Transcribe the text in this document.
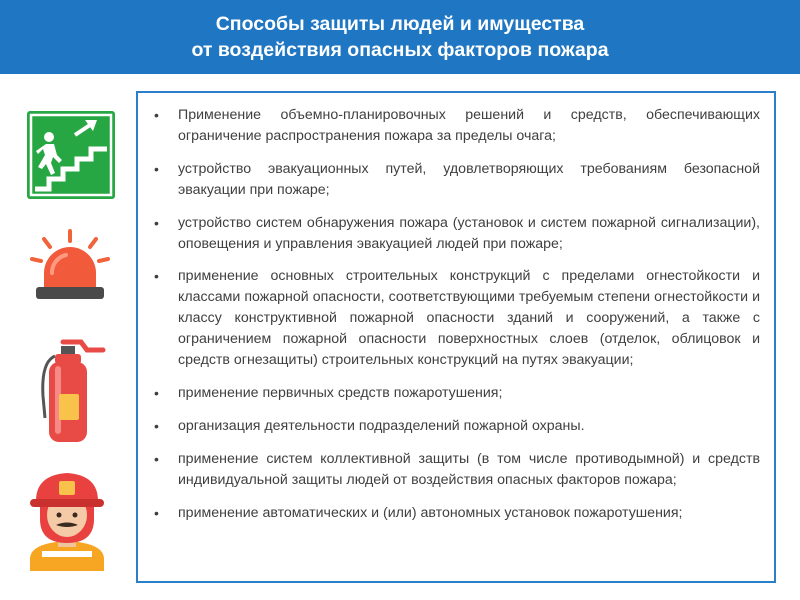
Способы защиты людей и имущества
от воздействия опасных факторов пожара
• Применение объемно-планировочных решений и средств, обеспечивающих ограничение распространения пожара за пределы очага;
• устройство эвакуационных путей, удовлетворяющих требованиям безопасной эвакуации при пожаре;
• устройство систем обнаружения пожара (установок и систем пожарной сигнализации), оповещения и управления эвакуацией людей при пожаре;
• применение основных строительных конструкций с пределами огнестойкости и классами пожарной опасности, соответствующими требуемым степени огнестойкости и классу конструктивной пожарной опасности зданий и сооружений, а также с ограничением пожарной опасности поверхностных слоев (отделок, облицовок и средств огнезащиты) строительных конструкций на путях эвакуации;
• применение первичных средств пожаротушения;
• организация деятельности подразделений пожарной охраны.
• применение систем коллективной защиты (в том числе противодымной) и средств индивидуальной защиты людей от воздействия опасных факторов пожара;
• применение автоматических и (или) автономных установок пожаротушения;
